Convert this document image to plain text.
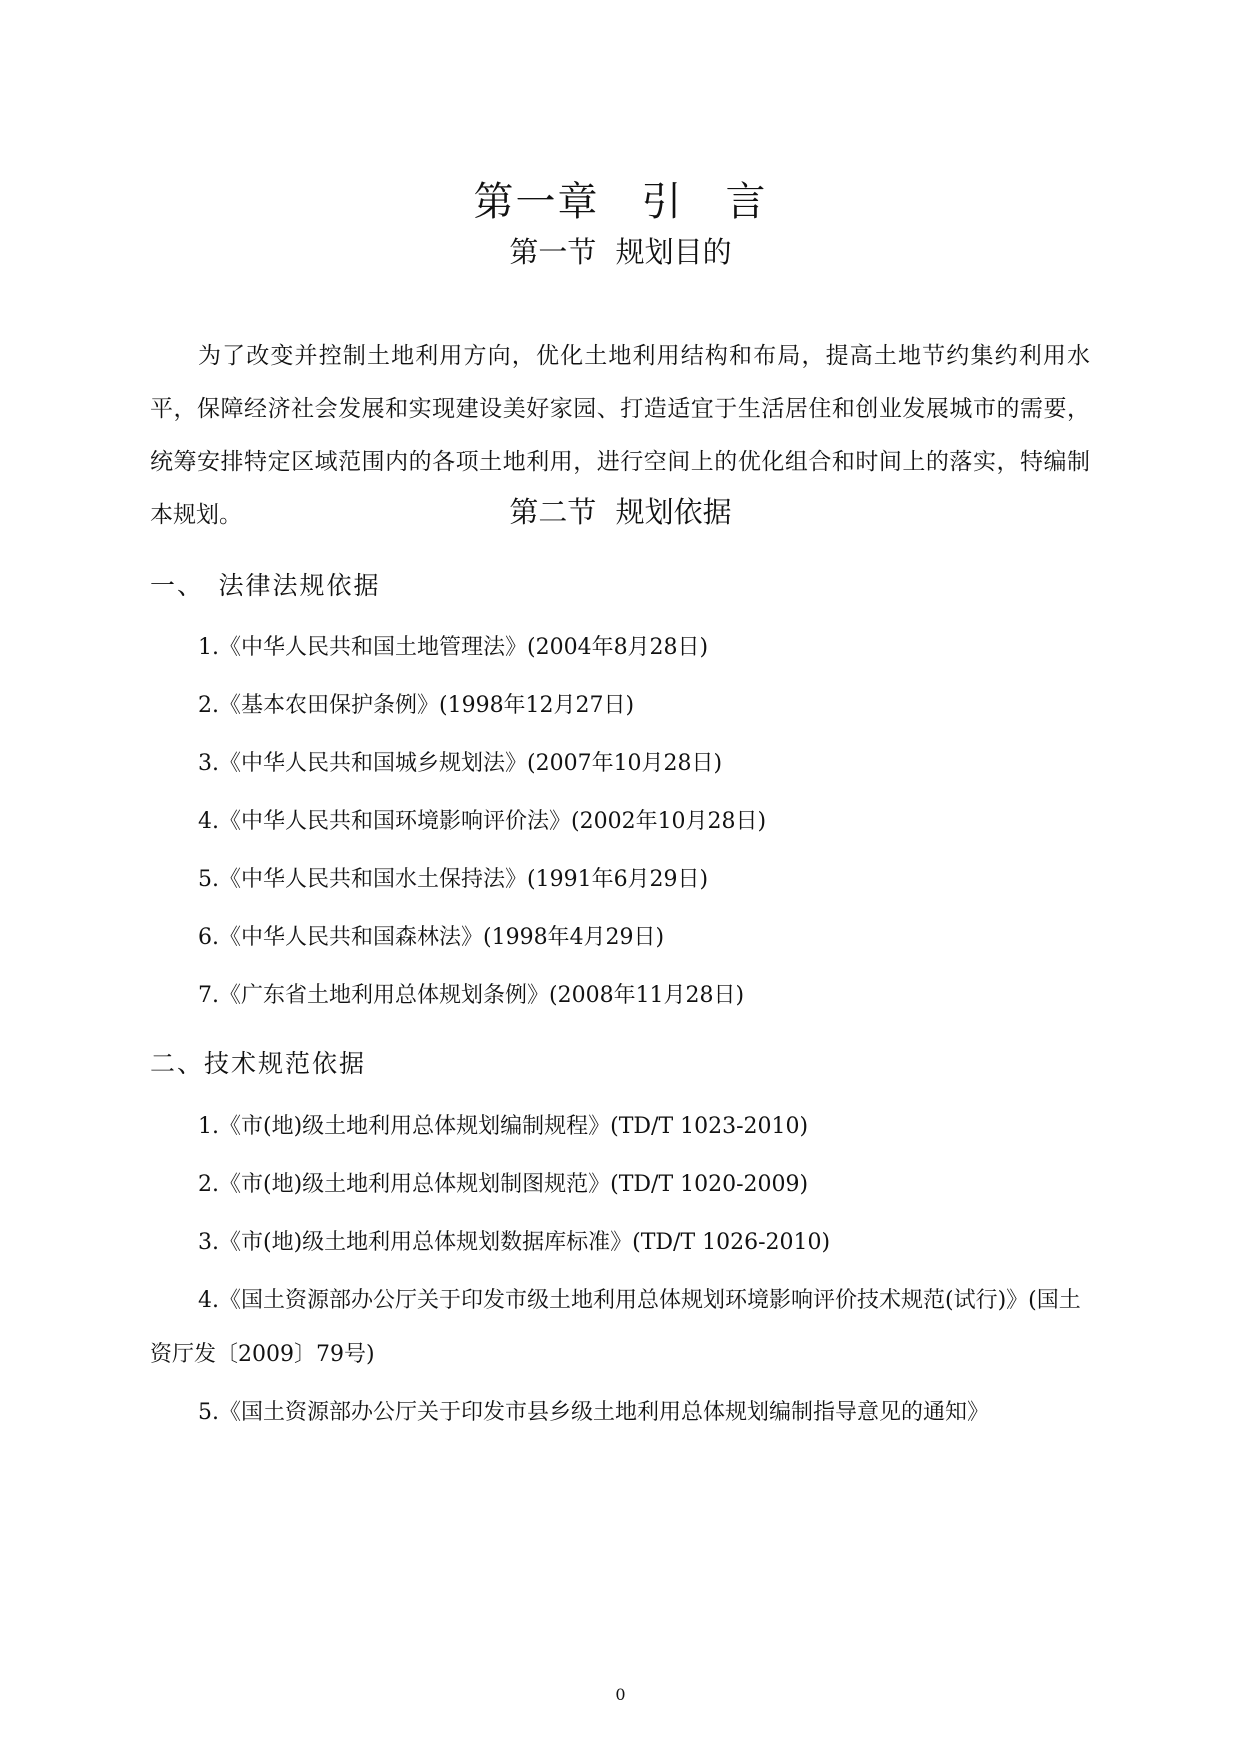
第一章　引　言
第一节 规划目的
为了改变并控制土地利用方向，优化土地利用结构和布局，提高土地节约集约利用水平，保障经济社会发展和实现建设美好家园、打造适宜于生活居住和创业发展城市的需要，统筹安排特定区域范围内的各项土地利用，进行空间上的优化组合和时间上的落实，特编制本规划。	第二节 规划依据
一、　法律法规依据
1.《中华人民共和国土地管理法》(2004年8月28日)
2.《基本农田保护条例》(1998年12月27日)
3.《中华人民共和国城乡规划法》(2007年10月28日)
4.《中华人民共和国环境影响评价法》(2002年10月28日)
5.《中华人民共和国水土保持法》(1991年6月29日)
6.《中华人民共和国森林法》(1998年4月29日)
7.《广东省土地利用总体规划条例》(2008年11月28日)
二、技术规范依据
1.《市(地)级土地利用总体规划编制规程》(TD/T 1023-2010)
2.《市(地)级土地利用总体规划制图规范》(TD/T 1020-2009)
3.《市(地)级土地利用总体规划数据库标准》(TD/T 1026-2010)
4.《国土资源部办公厅关于印发市级土地利用总体规划环境影响评价技术规范(试行)》(国土资厅发〔2009〕79号)
5.《国土资源部办公厅关于印发市县乡级土地利用总体规划编制指导意见的通知》
0
